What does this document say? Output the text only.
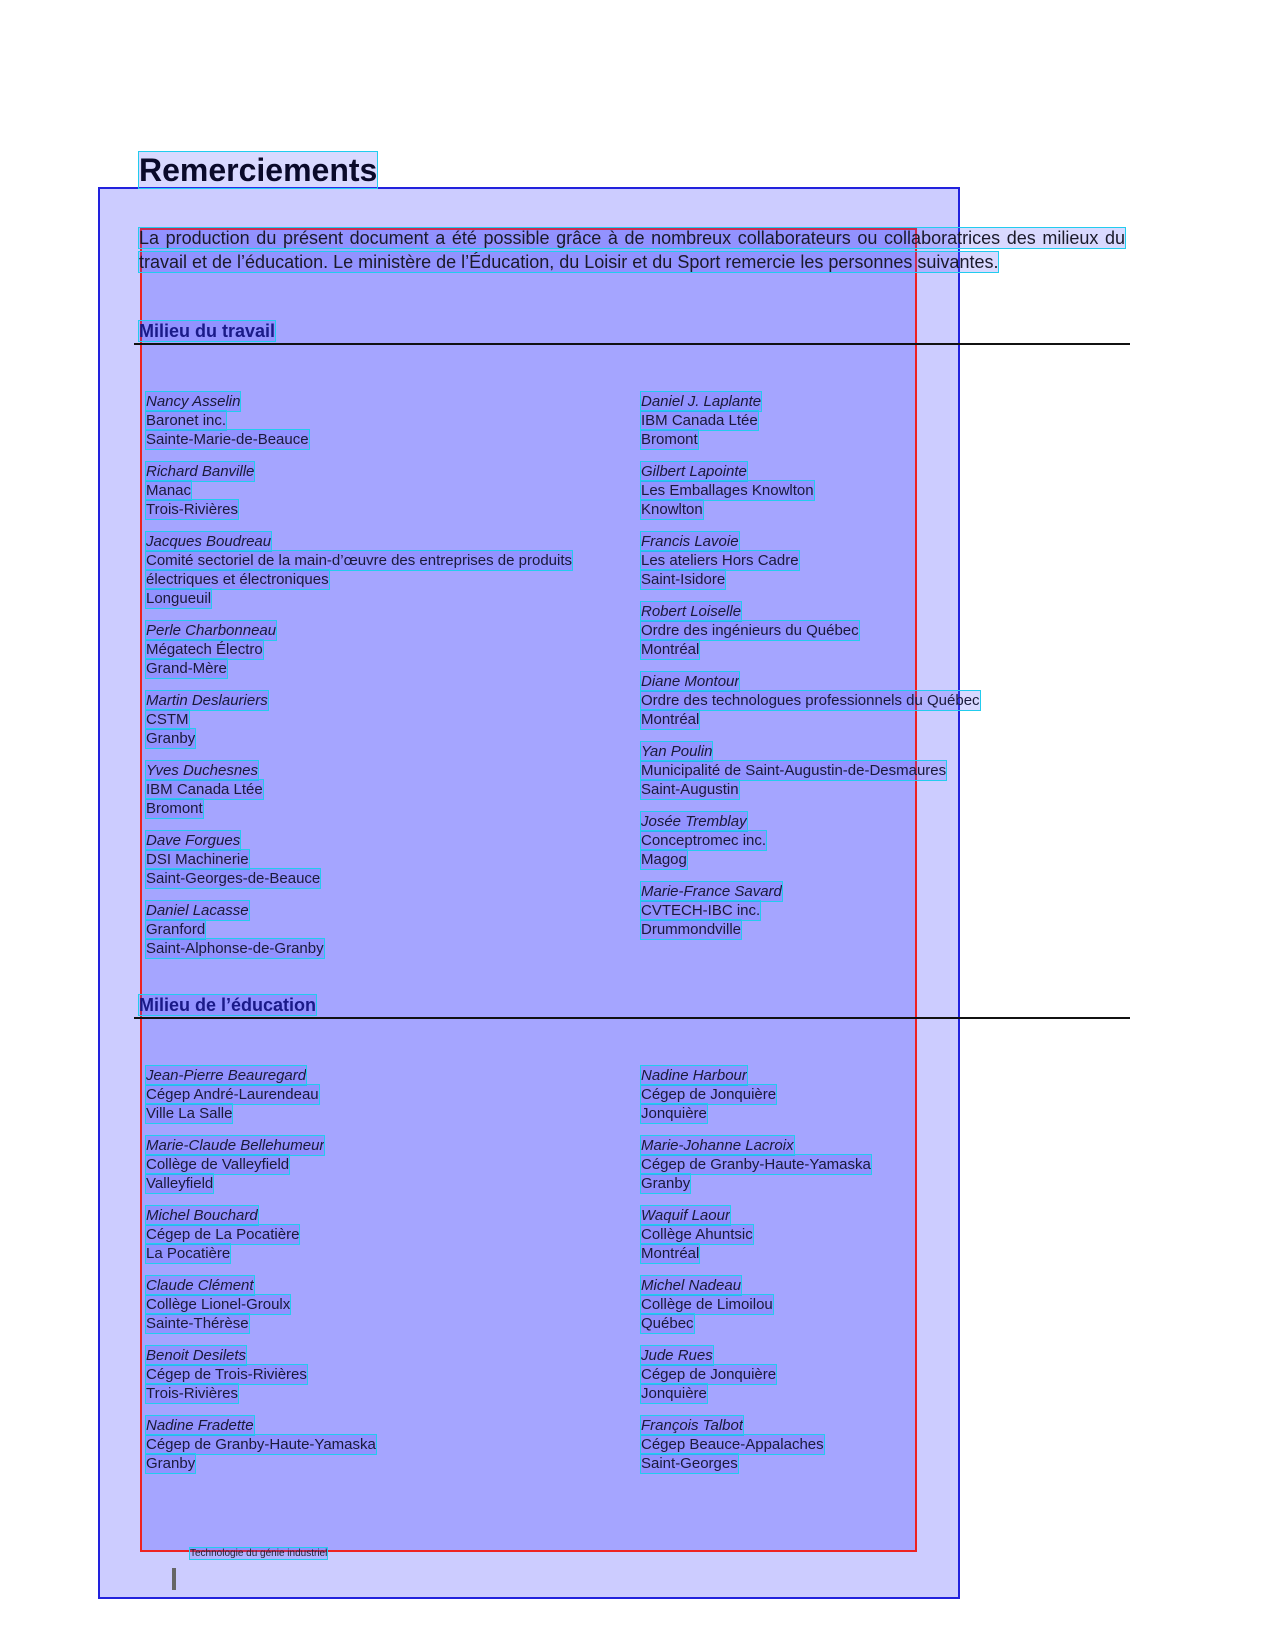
Remerciements

La production du présent document a été possible grâce à de nombreux collaborateurs ou collaboratrices des milieux du travail et de l’éducation. Le ministère de l’Éducation, du Loisir et du Sport remercie les personnes suivantes.

Milieu du travail
Nancy Asselin
Baronet inc.
Sainte-Marie-de-Beauce
Richard Banville
Manac
Trois-Rivières
Jacques Boudreau
Comité sectoriel de la main-d’œuvre des entreprises de produits
électriques et électroniques
Longueuil
Perle Charbonneau
Mégatech Électro
Grand-Mère
Martin Deslauriers
CSTM
Granby
Yves Duchesnes
IBM Canada Ltée
Bromont
Dave Forgues
DSI Machinerie
Saint-Georges-de-Beauce
Daniel Lacasse
Granford
Saint-Alphonse-de-Granby
Daniel J. Laplante
IBM Canada Ltée
Bromont
Gilbert Lapointe
Les Emballages Knowlton
Knowlton
Francis Lavoie
Les ateliers Hors Cadre
Saint-Isidore
Robert Loiselle
Ordre des ingénieurs du Québec
Montréal
Diane Montour
Ordre des technologues professionnels du Québec
Montréal
Yan Poulin
Municipalité de Saint-Augustin-de-Desmaures
Saint-Augustin
Josée Tremblay
Conceptromec inc.
Magog
Marie-France Savard
CVTECH-IBC inc.
Drummondville
Milieu de l’éducation
Jean-Pierre Beauregard
Cégep André-Laurendeau
Ville La Salle
Marie-Claude Bellehumeur
Collège de Valleyfield
Valleyfield
Michel Bouchard
Cégep de La Pocatière
La Pocatière
Claude Clément
Collège Lionel-Groulx
Sainte-Thérèse
Benoit Desilets
Cégep de Trois-Rivières
Trois-Rivières
Nadine Fradette
Cégep de Granby-Haute-Yamaska
Granby
Nadine Harbour
Cégep de Jonquière
Jonquière
Marie-Johanne Lacroix
Cégep de Granby-Haute-Yamaska
Granby
Waquif Laour
Collège Ahuntsic
Montréal
Michel Nadeau
Collège de Limoilou
Québec
Jude Rues
Cégep de Jonquière
Jonquière
François Talbot
Cégep Beauce-Appalaches
Saint-Georges
Technologie du génie industriel
